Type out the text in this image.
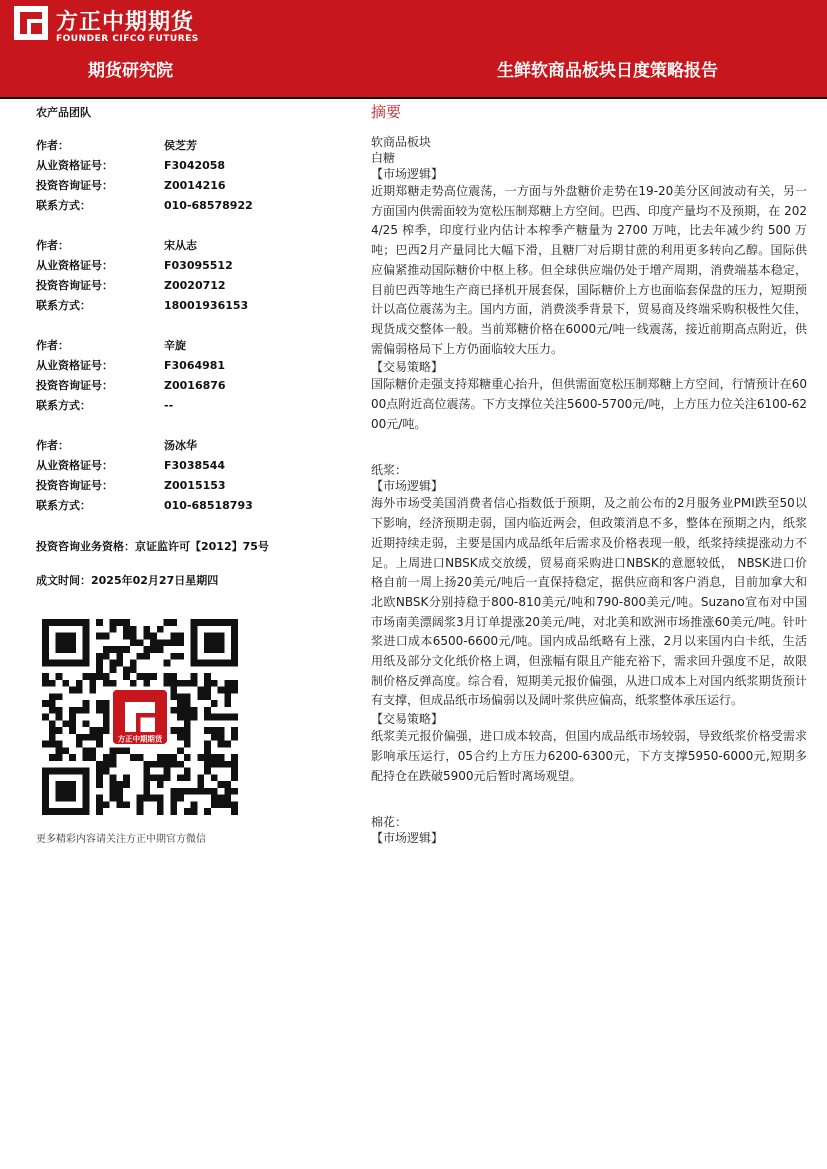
方正中期期货
FOUNDER CIFCO FUTURES
期货研究院	生鲜软商品板块日度策略报告
农产品团队
作者：	侯芝芳
从业资格证号：	F3042058
投资咨询证号：	Z0014216
联系方式：	010-68578922
作者：	宋从志
从业资格证号：	F03095512
投资咨询证号：	Z0020712
联系方式：	18001936153
作者：	辛旋
从业资格证号：	F3064981
投资咨询证号：	Z0016876
联系方式：	--
作者：	汤冰华
从业资格证号：	F3038544
投资咨询证号：	Z0015153
联系方式：	010-68518793
投资咨询业务资格：京证监许可【2012】75号
成文时间：2025年02月27日星期四
方正中期期货
更多精彩内容请关注方正中期官方微信
摘要
软商品板块
白糖
【市场逻辑】
近期郑糖走势高位震荡，一方面与外盘糖价走势在19-20美分区间波动有关，另一方面国内供需面较为宽松压制郑糖上方空间。巴西、印度产量均不及预期，在 2024/25 榨季，印度行业内估计本榨季产糖量为 2700 万吨，比去年减少约 500 万吨；巴西2月产量同比大幅下滑，且糖厂对后期甘蔗的利用更多转向乙醇。国际供应偏紧推动国际糖价中枢上移。但全球供应端仍处于增产周期，消费端基本稳定，目前巴西等地生产商已择机开展套保，国际糖价上方也面临套保盘的压力，短期预计以高位震荡为主。国内方面，消费淡季背景下，贸易商及终端采购积极性欠佳，现货成交整体一般。当前郑糖价格在6000元/吨一线震荡，接近前期高点附近，供需偏弱格局下上方仍面临较大压力。
【交易策略】
国际糖价走强支持郑糖重心抬升，但供需面宽松压制郑糖上方空间，行情预计在6000点附近高位震荡。下方支撑位关注5600-5700元/吨，上方压力位关注6100-6200元/吨。
纸浆：
【市场逻辑】
海外市场受美国消费者信心指数低于预期，及之前公布的2月服务业PMI跌至50以下影响，经济预期走弱，国内临近两会，但政策消息不多，整体在预期之内，纸浆近期持续走弱，主要是国内成品纸年后需求及价格表现一般，纸浆持续提涨动力不足。上周进口NBSK成交放缓，贸易商采购进口NBSK的意愿较低， NBSK进口价格自前一周上扬20美元/吨后一直保持稳定，据供应商和客户消息，目前加拿大和北欧NBSK分别持稳于800-810美元/吨和790-800美元/吨。Suzano宣布对中国市场南美漂阔浆3月订单提涨20美元/吨，对北美和欧洲市场推涨60美元/吨。针叶浆进口成本6500-6600元/吨。国内成品纸略有上涨，2月以来国内白卡纸，生活用纸及部分文化纸价格上调，但涨幅有限且产能充裕下，需求回升强度不足，故限制价格反弹高度。综合看，短期美元报价偏强，从进口成本上对国内纸浆期货预计有支撑，但成品纸市场偏弱以及阔叶浆供应偏高，纸浆整体承压运行。
【交易策略】
纸浆美元报价偏强，进口成本较高，但国内成品纸市场较弱，导致纸浆价格受需求影响承压运行，05合约上方压力6200-6300元，下方支撑5950-6000元,短期多配持仓在跌破5900元后暂时离场观望。
棉花：
【市场逻辑】
